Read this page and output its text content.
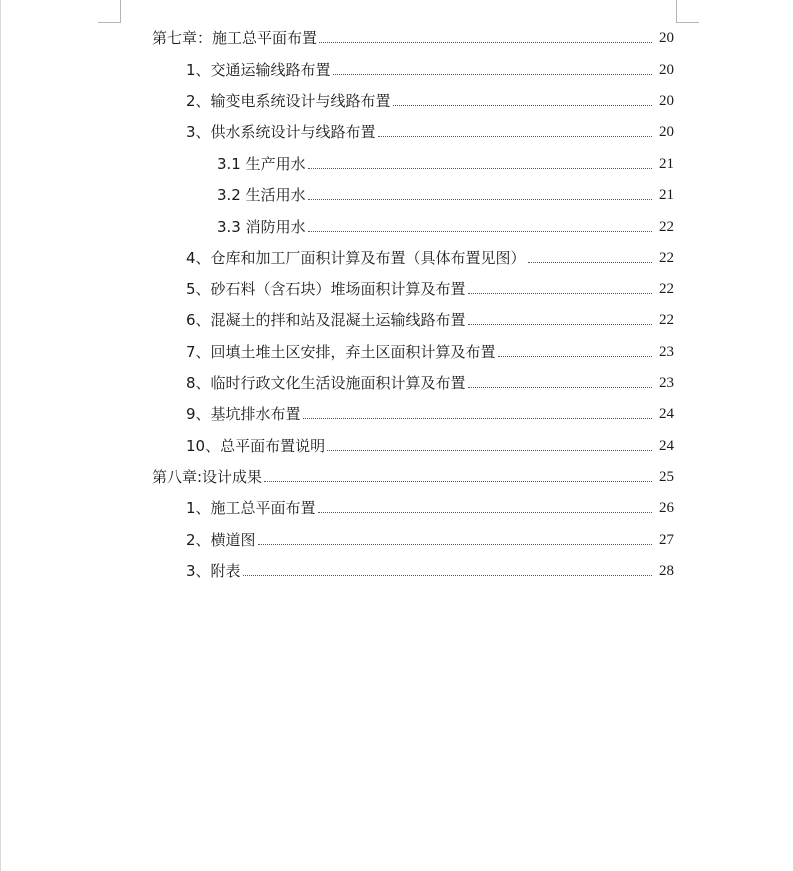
第七章：施工总平面布置	20
1、交通运输线路布置	20
2、输变电系统设计与线路布置	20
3、供水系统设计与线路布置	20
3.1 生产用水	21
3.2 生活用水	21
3.3 消防用水	22
4、仓库和加工厂面积计算及布置（具体布置见图）	22
5、砂石料（含石块）堆场面积计算及布置	22
6、混凝土的拌和站及混凝土运输线路布置	22
7、回填土堆土区安排，弃土区面积计算及布置	23
8、临时行政文化生活设施面积计算及布置	23
9、基坑排水布置	24
10、总平面布置说明	24
第八章:设计成果	25
1、施工总平面布置	26
2、横道图	27
3、附表	28
